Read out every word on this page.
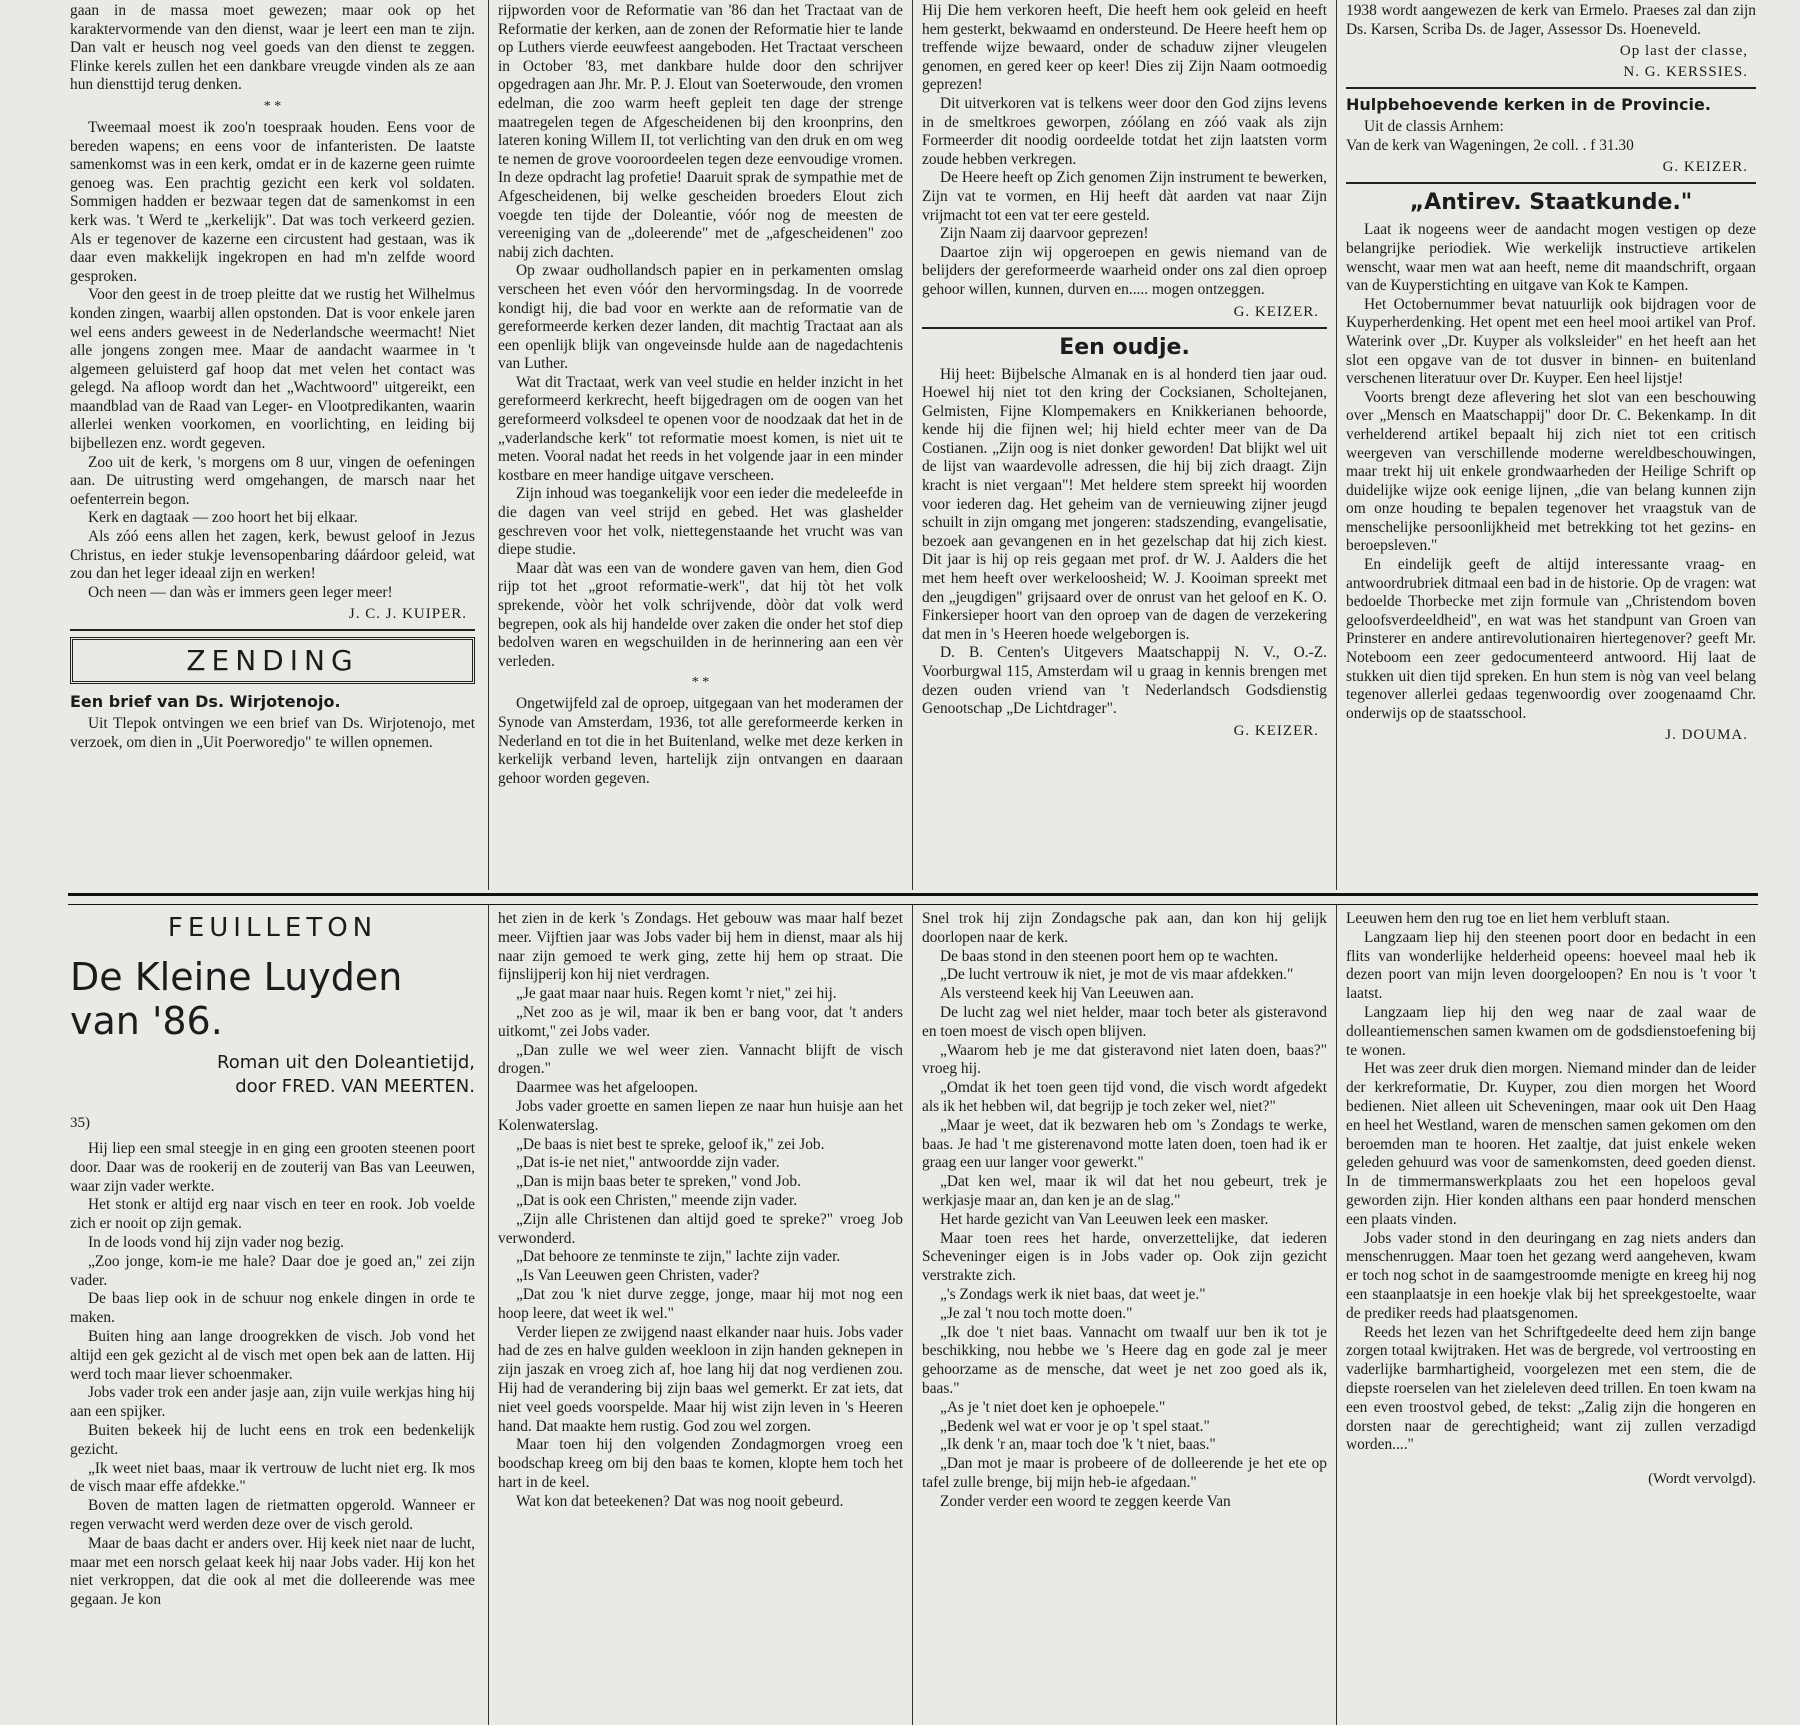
gaan in de massa moet gewezen; maar ook op het karaktervormende van den dienst, waar je leert een man te zijn. Dan valt er heusch nog veel goeds van den dienst te zeggen. Flinke kerels zullen het een dankbare vreugde vinden als ze aan hun diensttijd terug denken.

* *

Tweemaal moest ik zoo'n toespraak houden. Eens voor de bereden wapens; en eens voor de infanteristen. De laatste samenkomst was in een kerk, omdat er in de kazerne geen ruimte genoeg was. Een prachtig gezicht een kerk vol soldaten. Sommigen hadden er bezwaar tegen dat de samenkomst in een kerk was. 't Werd te „kerkelijk". Dat was toch verkeerd gezien. Als er tegenover de kazerne een circustent had gestaan, was ik daar even makkelijk ingekropen en had m'n zelfde woord gesproken.

Voor den geest in de troep pleitte dat we rustig het Wilhelmus konden zingen, waarbij allen opstonden. Dat is voor enkele jaren wel eens anders geweest in de Nederlandsche weermacht! Niet alle jongens zongen mee. Maar de aandacht waarmee in 't algemeen geluisterd gaf hoop dat met velen het contact was gelegd. Na afloop wordt dan het „Wachtwoord" uitgereikt, een maandblad van de Raad van Leger- en Vlootpredikanten, waarin allerlei wenken voorkomen, en voorlichting, en leiding bij bijbellezen enz. wordt gegeven.

Zoo uit de kerk, 's morgens om 8 uur, vingen de oefeningen aan. De uitrusting werd omgehangen, de marsch naar het oefenterrein begon.

Kerk en dagtaak — zoo hoort het bij elkaar.

Als zóó eens allen het zagen, kerk, bewust geloof in Jezus Christus, en ieder stukje levensopenbaring dáárdoor geleid, wat zou dan het leger ideaal zijn en werken!

Och neen — dan wàs er immers geen leger meer!

J. C. J. KUIPER.
ZENDING
Een brief van Ds. Wirjotenojo.

Uit Tlepok ontvingen we een brief van Ds. Wirjotenojo, met verzoek, om dien in „Uit Poerworedjo" te willen opnemen.

rijpworden voor de Reformatie van '86 dan het Tractaat van de Reformatie der kerken, aan de zonen der Reformatie hier te lande op Luthers vierde eeuwfeest aangeboden. Het Tractaat verscheen in October '83, met dankbare hulde door den schrijver opgedragen aan Jhr. Mr. P. J. Elout van Soeterwoude, den vromen edelman, die zoo warm heeft gepleit ten dage der strenge maatregelen tegen de Afgescheidenen bij den kroonprins, den lateren koning Willem II, tot verlichting van den druk en om weg te nemen de grove vooroordeelen tegen deze eenvoudige vromen. In deze opdracht lag profetie! Daaruit sprak de sympathie met de Afgescheidenen, bij welke gescheiden broeders Elout zich voegde ten tijde der Doleantie, vóór nog de meesten de vereeniging van de „doleerende" met de „afgescheidenen" zoo nabij zich dachten.

Op zwaar oudhollandsch papier en in perkamenten omslag verscheen het even vóór den hervormingsdag. In de voorrede kondigt hij, die bad voor en werkte aan de reformatie van de gereformeerde kerken dezer landen, dit machtig Tractaat aan als een openlijk blijk van ongeveinsde hulde aan de nagedachtenis van Luther.

Wat dit Tractaat, werk van veel studie en helder inzicht in het gereformeerd kerkrecht, heeft bijgedragen om de oogen van het gereformeerd volksdeel te openen voor de noodzaak dat het in de „vaderlandsche kerk" tot reformatie moest komen, is niet uit te meten. Vooral nadat het reeds in het volgende jaar in een minder kostbare en meer handige uitgave verscheen.

Zijn inhoud was toegankelijk voor een ieder die medeleefde in die dagen van veel strijd en gebed. Het was glashelder geschreven voor het volk, niettegenstaande het vrucht was van diepe studie.

Maar dàt was een van de wondere gaven van hem, dien God rijp tot het „groot reformatie-werk", dat hij tòt het volk sprekende, vòòr het volk schrijvende, dòòr dat volk werd begrepen, ook als hij handelde over zaken die onder het stof diep bedolven waren en wegschuilden in de herinnering aan een vèr verleden.

* *

Ongetwijfeld zal de oproep, uitgegaan van het moderamen der Synode van Amsterdam, 1936, tot alle gereformeerde kerken in Nederland en tot die in het Buitenland, welke met deze kerken in kerkelijk verband leven, hartelijk zijn ontvangen en daaraan gehoor worden gegeven.

Hij Die hem verkoren heeft, Die heeft hem ook geleid en heeft hem gesterkt, bekwaamd en ondersteund. De Heere heeft hem op treffende wijze bewaard, onder de schaduw zijner vleugelen genomen, en gered keer op keer! Dies zij Zijn Naam ootmoedig geprezen!

Dit uitverkoren vat is telkens weer door den God zijns levens in de smeltkroes geworpen, zóólang en zóó vaak als zijn Formeerder dit noodig oordeelde totdat het zijn laatsten vorm zoude hebben verkregen.

De Heere heeft op Zich genomen Zijn instrument te bewerken, Zijn vat te vormen, en Hij heeft dàt aarden vat naar Zijn vrijmacht tot een vat ter eere gesteld.

Zijn Naam zij daarvoor geprezen!

Daartoe zijn wij opgeroepen en gewis niemand van de belijders der gereformeerde waarheid onder ons zal dien oproep gehoor willen, kunnen, durven en..... mogen ontzeggen.

G. KEIZER.
Een oudje.

Hij heet: Bijbelsche Almanak en is al honderd tien jaar oud. Hoewel hij niet tot den kring der Cocksianen, Scholtejanen, Gelmisten, Fijne Klompemakers en Knikkerianen behoorde, kende hij die fijnen wel; hij hield echter meer van de Da Costianen. „Zijn oog is niet donker geworden! Dat blijkt wel uit de lijst van waardevolle adressen, die hij bij zich draagt. Zijn kracht is niet vergaan"! Met heldere stem spreekt hij woorden voor iederen dag. Het geheim van de vernieuwing zijner jeugd schuilt in zijn omgang met jongeren: stadszending, evangelisatie, bezoek aan gevangenen en in het gezelschap dat hij zich kiest. Dit jaar is hij op reis gegaan met prof. dr W. J. Aalders die het met hem heeft over werkeloosheid; W. J. Kooiman spreekt met den „jeugdigen" grijsaard over de onrust van het geloof en K. O. Finkersieper hoort van den oproep van de dagen de verzekering dat men in 's Heeren hoede welgeborgen is.

D. B. Centen's Uitgevers Maatschappij N. V., O.-Z. Voorburgwal 115, Amsterdam wil u graag in kennis brengen met dezen ouden vriend van 't Nederlandsch Godsdienstig Genootschap „De Lichtdrager".

G. KEIZER.

1938 wordt aangewezen de kerk van Ermelo. Praeses zal dan zijn Ds. Karsen, Scriba Ds. de Jager, Assessor Ds. Hoeneveld.

Op last der classe,
N. G. KERSSIES.
Hulpbehoevende kerken in de Provincie.

Uit de classis Arnhem:

Van de kerk van Wageningen, 2e coll. . f 31.30

G. KEIZER.
„Antirev. Staatkunde."

Laat ik nogeens weer de aandacht mogen vestigen op deze belangrijke periodiek. Wie werkelijk instructieve artikelen wenscht, waar men wat aan heeft, neme dit maandschrift, orgaan van de Kuyperstichting en uitgave van Kok te Kampen.

Het Octobernummer bevat natuurlijk ook bijdragen voor de Kuyperherdenking. Het opent met een heel mooi artikel van Prof. Waterink over „Dr. Kuyper als volksleider" en het heeft aan het slot een opgave van de tot dusver in binnen- en buitenland verschenen literatuur over Dr. Kuyper. Een heel lijstje!

Voorts brengt deze aflevering het slot van een beschouwing over „Mensch en Maatschappij" door Dr. C. Bekenkamp. In dit verhelderend artikel bepaalt hij zich niet tot een critisch weergeven van verschillende moderne wereldbeschouwingen, maar trekt hij uit enkele grondwaarheden der Heilige Schrift op duidelijke wijze ook eenige lijnen, „die van belang kunnen zijn om onze houding te bepalen tegenover het vraagstuk van de menschelijke persoonlijkheid met betrekking tot het gezins- en beroepsleven."

En eindelijk geeft de altijd interessante vraag- en antwoordrubriek ditmaal een bad in de historie. Op de vragen: wat bedoelde Thorbecke met zijn formule van „Christendom boven geloofsverdeeldheid", en wat was het standpunt van Groen van Prinsterer en andere antirevolutionairen hiertegenover? geeft Mr. Noteboom een zeer gedocumenteerd antwoord. Hij laat de stukken uit dien tijd spreken. En hun stem is nòg van veel belang tegenover allerlei gedaas tegenwoordig over zoogenaamd Chr. onderwijs op de staatsschool.

J. DOUMA.
FEUILLETON
De Kleine Luyden van '86.
Roman uit den Doleantietijd,
door FRED. VAN MEERTEN.
35)

Hij liep een smal steegje in en ging een grooten steenen poort door. Daar was de rookerij en de zouterij van Bas van Leeuwen, waar zijn vader werkte.

Het stonk er altijd erg naar visch en teer en rook. Job voelde zich er nooit op zijn gemak.

In de loods vond hij zijn vader nog bezig.

„Zoo jonge, kom-ie me hale? Daar doe je goed an," zei zijn vader.

De baas liep ook in de schuur nog enkele dingen in orde te maken.

Buiten hing aan lange droogrekken de visch. Job vond het altijd een gek gezicht al de visch met open bek aan de latten. Hij werd toch maar liever schoenmaker.

Jobs vader trok een ander jasje aan, zijn vuile werkjas hing hij aan een spijker.

Buiten bekeek hij de lucht eens en trok een bedenkelijk gezicht.

„Ik weet niet baas, maar ik vertrouw de lucht niet erg. Ik mos de visch maar effe afdekke."

Boven de matten lagen de rietmatten opgerold. Wanneer er regen verwacht werd werden deze over de visch gerold.

Maar de baas dacht er anders over. Hij keek niet naar de lucht, maar met een norsch gelaat keek hij naar Jobs vader. Hij kon het niet verkroppen, dat die ook al met die dolleerende was mee gegaan. Je kon

het zien in de kerk 's Zondags. Het gebouw was maar half bezet meer. Vijftien jaar was Jobs vader bij hem in dienst, maar als hij naar zijn gemoed te werk ging, zette hij hem op straat. Die fijnslijperij kon hij niet verdragen.

„Je gaat maar naar huis. Regen komt 'r niet," zei hij.

„Net zoo as je wil, maar ik ben er bang voor, dat 't anders uitkomt," zei Jobs vader.

„Dan zulle we wel weer zien. Vannacht blijft de visch drogen."

Daarmee was het afgeloopen.

Jobs vader groette en samen liepen ze naar hun huisje aan het Kolenwaterslag.

„De baas is niet best te spreke, geloof ik," zei Job.

„Dat is-ie net niet," antwoordde zijn vader.

„Dan is mijn baas beter te spreken," vond Job.

„Dat is ook een Christen," meende zijn vader.

„Zijn alle Christenen dan altijd goed te spreke?" vroeg Job verwonderd.

„Dat behoore ze tenminste te zijn," lachte zijn vader.

„Is Van Leeuwen geen Christen, vader?

„Dat zou 'k niet durve zegge, jonge, maar hij mot nog een hoop leere, dat weet ik wel."

Verder liepen ze zwijgend naast elkander naar huis. Jobs vader had de zes en halve gulden weekloon in zijn handen geknepen in zijn jaszak en vroeg zich af, hoe lang hij dat nog verdienen zou. Hij had de verandering bij zijn baas wel gemerkt. Er zat iets, dat niet veel goeds voorspelde. Maar hij wist zijn leven in 's Heeren hand. Dat maakte hem rustig. God zou wel zorgen.

Maar toen hij den volgenden Zondagmorgen vroeg een boodschap kreeg om bij den baas te komen, klopte hem toch het hart in de keel.

Wat kon dat beteekenen? Dat was nog nooit gebeurd.

Snel trok hij zijn Zondagsche pak aan, dan kon hij gelijk doorlopen naar de kerk.

De baas stond in den steenen poort hem op te wachten.

„De lucht vertrouw ik niet, je mot de vis maar afdekken."

Als versteend keek hij Van Leeuwen aan.

De lucht zag wel niet helder, maar toch beter als gisteravond en toen moest de visch open blijven.

„Waarom heb je me dat gisteravond niet laten doen, baas?" vroeg hij.

„Omdat ik het toen geen tijd vond, die visch wordt afgedekt als ik het hebben wil, dat begrijp je toch zeker wel, niet?"

„Maar je weet, dat ik bezwaren heb om 's Zondags te werke, baas. Je had 't me gisterenavond motte laten doen, toen had ik er graag een uur langer voor gewerkt."

„Dat ken wel, maar ik wil dat het nou gebeurt, trek je werkjasje maar an, dan ken je an de slag."

Het harde gezicht van Van Leeuwen leek een masker.

Maar toen rees het harde, onverzettelijke, dat iederen Scheveninger eigen is in Jobs vader op. Ook zijn gezicht verstrakte zich.

„'s Zondags werk ik niet baas, dat weet je."

„Je zal 't nou toch motte doen."

„Ik doe 't niet baas. Vannacht om twaalf uur ben ik tot je beschikking, nou hebbe we 's Heere dag en gode zal je meer gehoorzame as de mensche, dat weet je net zoo goed als ik, baas."

„As je 't niet doet ken je ophoepele."

„Bedenk wel wat er voor je op 't spel staat."

„Ik denk 'r an, maar toch doe 'k 't niet, baas."

„Dan mot je maar is probeere of de dolleerende je het ete op tafel zulle brenge, bij mijn heb-ie afgedaan."

Zonder verder een woord te zeggen keerde Van

Leeuwen hem den rug toe en liet hem verbluft staan.

Langzaam liep hij den steenen poort door en bedacht in een flits van wonderlijke helderheid opeens: hoeveel maal heb ik dezen poort van mijn leven doorgeloopen? En nou is 't voor 't laatst.

Langzaam liep hij den weg naar de zaal waar de dolleantiemenschen samen kwamen om de godsdienstoefening bij te wonen.

Het was zeer druk dien morgen. Niemand minder dan de leider der kerkreformatie, Dr. Kuyper, zou dien morgen het Woord bedienen. Niet alleen uit Scheveningen, maar ook uit Den Haag en heel het Westland, waren de menschen samen gekomen om den beroemden man te hooren. Het zaaltje, dat juist enkele weken geleden gehuurd was voor de samenkomsten, deed goeden dienst. In de timmermanswerkplaats zou het een hopeloos geval geworden zijn. Hier konden althans een paar honderd menschen een plaats vinden.

Jobs vader stond in den deuringang en zag niets anders dan menschenruggen. Maar toen het gezang werd aangeheven, kwam er toch nog schot in de saamgestroomde menigte en kreeg hij nog een staanplaatsje in een hoekje vlak bij het spreekgestoelte, waar de prediker reeds had plaatsgenomen.

Reeds het lezen van het Schriftgedeelte deed hem zijn bange zorgen totaal kwijtraken. Het was de bergrede, vol vertroosting en vaderlijke barmhartigheid, voorgelezen met een stem, die de diepste roerselen van het zieleleven deed trillen. En toen kwam na een even troostvol gebed, de tekst: „Zalig zijn die hongeren en dorsten naar de gerechtigheid; want zij zullen verzadigd worden...."

(Wordt vervolgd).
